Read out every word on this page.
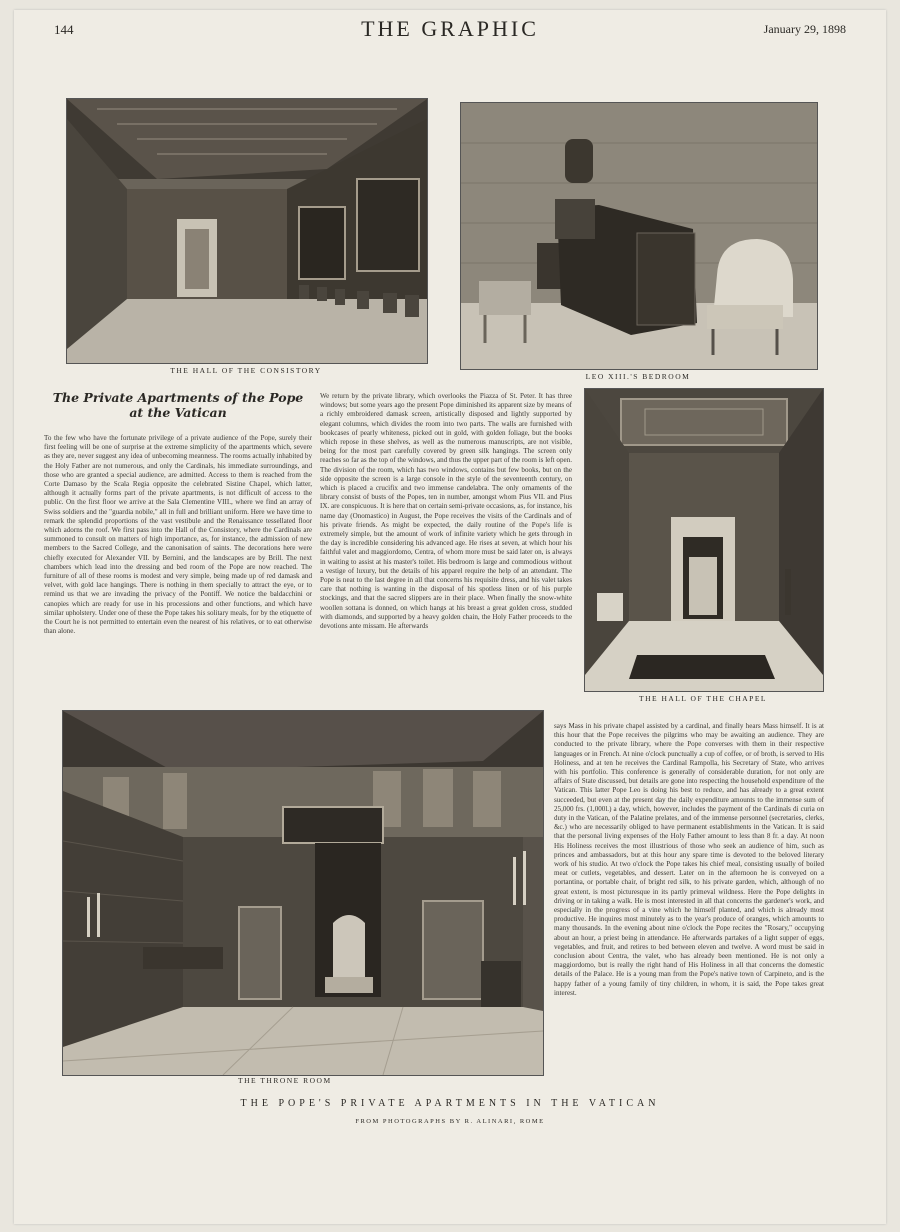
144	THE GRAPHIC	January 29, 1898
THE HALL OF THE CONSISTORY
LEO XIII.'S BEDROOM
The Private Apartments of the Pope
at the Vatican
To the few who have the fortunate privilege of a private audience of the Pope, surely their first feeling will be one of surprise at the extreme simplicity of the apartments which, severe as they are, never suggest any idea of unbecoming meanness. The rooms actually inhabited by the Holy Father are not numerous, and only the Cardinals, his immediate surroundings, and those who are granted a special audience, are admitted. Access to them is reached from the Corte Damaso by the Scala Regia opposite the celebrated Sistine Chapel, which latter, although it actually forms part of the private apartments, is not difficult of access to the public. On the first floor we arrive at the Sala Clementine VIII., where we find an array of Swiss soldiers and the "guardia nobile," all in full and brilliant uniform. Here we have time to remark the splendid proportions of the vast vestibule and the Renaissance tessellated floor which adorns the roof. We first pass into the Hall of the Consistory, where the Cardinals are summoned to consult on matters of high importance, as, for instance, the admission of new members to the Sacred College, and the canonisation of saints. The decorations here were chiefly executed for Alexander VII. by Bernini, and the landscapes are by Brill. The next chambers which lead into the dressing and bed room of the Pope are now reached. The furniture of all of these rooms is modest and very simple, being made up of red damask and velvet, with gold lace hangings. There is nothing in them specially to attract the eye, or to remind us that we are invading the privacy of the Pontiff. We notice the baldacchini or canopies which are ready for use in his processions and other functions, and which have similar upholstery. Under one of these the Pope takes his solitary meals, for by the etiquette of the Court he is not permitted to entertain even the nearest of his relatives, or to eat otherwise than alone.
We return by the private library, which overlooks the Piazza of St. Peter. It has three windows; but some years ago the present Pope diminished its apparent size by means of a richly embroidered damask screen, artistically disposed and lightly supported by elegant columns, which divides the room into two parts. The walls are furnished with bookcases of pearly whiteness, picked out in gold, with golden foliage, but the books which repose in these shelves, as well as the numerous manuscripts, are not visible, being for the most part carefully covered by green silk hangings. The screen only reaches so far as the top of the windows, and thus the upper part of the room is left open. The division of the room, which has two windows, contains but few books, but on the side opposite the screen is a large console in the style of the seventeenth century, on which is placed a crucifix and two immense candelabra. The only ornaments of the library consist of busts of the Popes, ten in number, amongst whom Pius VII. and Pius IX. are conspicuous. It is here that on certain semi-private occasions, as, for instance, his name day (Onomastico) in August, the Pope receives the visits of the Cardinals and of his private friends. As might be expected, the daily routine of the Pope's life is extremely simple, but the amount of work of infinite variety which he gets through in the day is incredible considering his advanced age. He rises at seven, at which hour his faithful valet and maggiordomo, Centra, of whom more must be said later on, is always in waiting to assist at his master's toilet. His bedroom is large and commodious without a vestige of luxury, but the details of his apparel require the help of an attendant. The Pope is neat to the last degree in all that concerns his requisite dress, and his valet takes care that nothing is wanting in the disposal of his spotless linen or of his purple stockings, and that the sacred slippers are in their place. When finally the snow-white woollen sottana is donned, on which hangs at his breast a great golden cross, studded with diamonds, and supported by a heavy golden chain, the Holy Father proceeds to the devotions ante missam. He afterwards
THE HALL OF THE CHAPEL
THE THRONE ROOM
says Mass in his private chapel assisted by a cardinal, and finally hears Mass himself. It is at this hour that the Pope receives the pilgrims who may be awaiting an audience. They are conducted to the private library, where the Pope converses with them in their respective languages or in French. At nine o'clock punctually a cup of coffee, or of broth, is served to His Holiness, and at ten he receives the Cardinal Rampolla, his Secretary of State, who arrives with his portfolio. This conference is generally of considerable duration, for not only are affairs of State discussed, but details are gone into respecting the household expenditure of the Vatican. This latter Pope Leo is doing his best to reduce, and has already to a great extent succeeded, but even at the present day the daily expenditure amounts to the immense sum of 25,000 frs. (1,000l.) a day, which, however, includes the payment of the Cardinals di curia on duty in the Vatican, of the Palatine prelates, and of the immense personnel (secretaries, clerks, &c.) who are necessarily obliged to have permanent establishments in the Vatican. It is said that the personal living expenses of the Holy Father amount to less than 8 fr. a day. At noon His Holiness receives the most illustrious of those who seek an audience of him, such as princes and ambassadors, but at this hour any spare time is devoted to the beloved literary work of his studio. At two o'clock the Pope takes his chief meal, consisting usually of boiled meat or cutlets, vegetables, and dessert. Later on in the afternoon he is conveyed on a portantina, or portable chair, of bright red silk, to his private garden, which, although of no great extent, is most picturesque in its partly primeval wildness. Here the Pope delights in driving or in taking a walk. He is most interested in all that concerns the gardener's work, and especially in the progress of a vine which he himself planted, and which is already most productive. He inquires most minutely as to the year's produce of oranges, which amounts to many thousands. In the evening about nine o'clock the Pope recites the "Rosary," occupying about an hour, a priest being in attendance. He afterwards partakes of a light supper of eggs, vegetables, and fruit, and retires to bed between eleven and twelve. A word must be said in conclusion about Centra, the valet, who has already been mentioned. He is not only a maggiordomo, but is really the right hand of His Holiness in all that concerns the domestic details of the Palace. He is a young man from the Pope's native town of Carpineto, and is the happy father of a young family of tiny children, in whom, it is said, the Pope takes great interest.
THE POPE'S PRIVATE APARTMENTS IN THE VATICAN
FROM PHOTOGRAPHS BY R. ALINARI, ROME
